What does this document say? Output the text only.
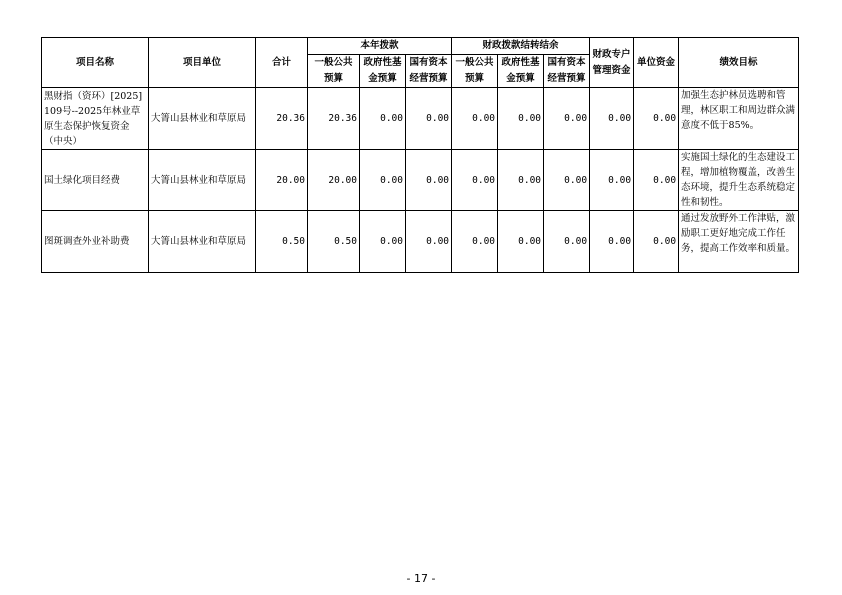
项目名称	项目单位	合计	本年拨款			财政拨款结转结余			财政专户管理资金	单位资金	绩效目标
			一般公共预算	政府性基金预算	国有资本经营预算	一般公共预算	政府性基金预算	国有资本经营预算			

黑财指（资环）[2025]109号--2025年林业草原生态保护恢复资金（中央）	大箐山县林业和草原局	20.36	20.36	0.00	0.00	0.00	0.00	0.00	0.00	0.00	加强生态护林员选聘和管理，林区职工和周边群众满意度不低于85%。
国土绿化项目经费	大箐山县林业和草原局	20.00	20.00	0.00	0.00	0.00	0.00	0.00	0.00	0.00	实施国土绿化的生态建设工程，增加植物覆盖，改善生态环境，提升生态系统稳定性和韧性。
图斑调查外业补助费	大箐山县林业和草原局	0.50	0.50	0.00	0.00	0.00	0.00	0.00	0.00	0.00	通过发放野外工作津贴，激励职工更好地完成工作任务，提高工作效率和质量。
- 17 -
